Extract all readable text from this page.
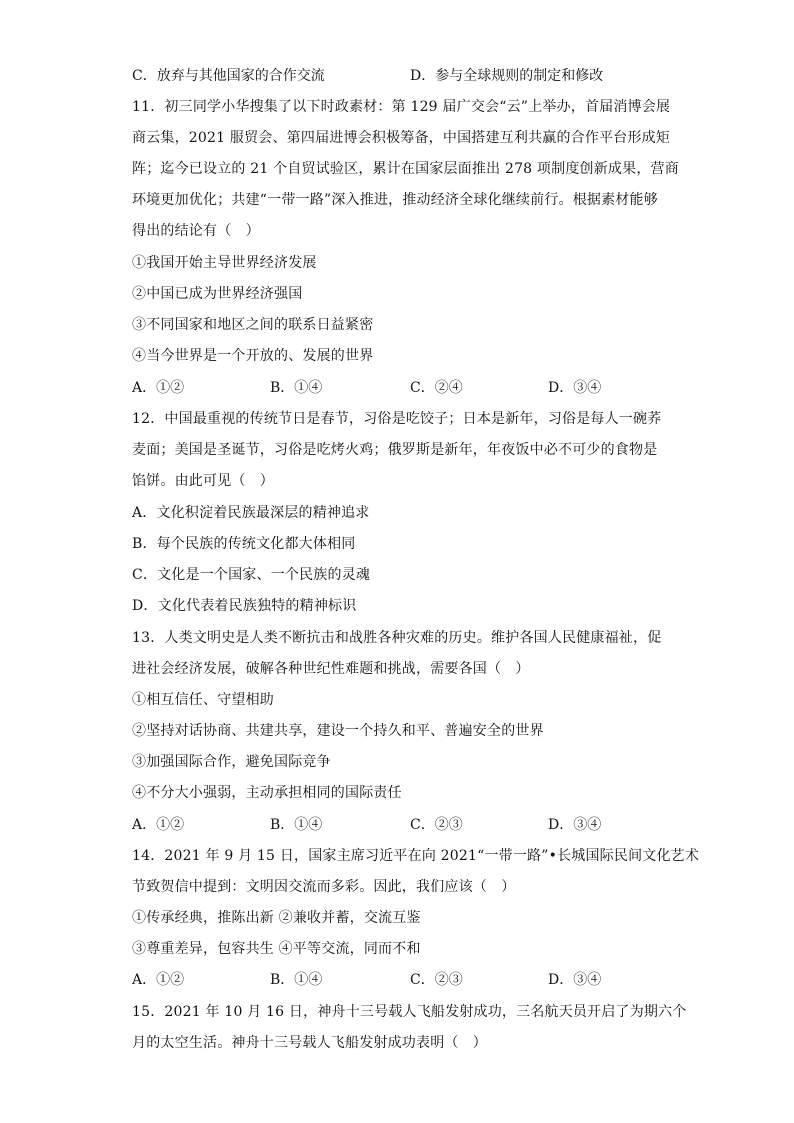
C．放弃与其他国家的合作交流	D．参与全球规则的制定和修改
11．初三同学小华搜集了以下时政素材：第 129 届广交会“云”上举办，首届消博会展
商云集，2021 服贸会、第四届进博会积极筹备，中国搭建互利共赢的合作平台形成矩
阵；迄今已设立的 21 个自贸试验区，累计在国家层面推出 278 项制度创新成果，营商
环境更加优化；共建“一带一路”深入推进，推动经济全球化继续前行。根据素材能够
得出的结论有（　）
①我国开始主导世界经济发展
②中国已成为世界经济强国
③不同国家和地区之间的联系日益紧密
④当今世界是一个开放的、发展的世界
A．①②	B．①④	C．②④	D．③④
12．中国最重视的传统节日是春节，习俗是吃饺子；日本是新年，习俗是每人一碗荞
麦面；美国是圣诞节，习俗是吃烤火鸡；俄罗斯是新年，年夜饭中必不可少的食物是
馅饼。由此可见（　）
A．文化积淀着民族最深层的精神追求
B．每个民族的传统文化都大体相同
C．文化是一个国家、一个民族的灵魂
D．文化代表着民族独特的精神标识
13．人类文明史是人类不断抗击和战胜各种灾难的历史。维护各国人民健康福祉，促
进社会经济发展，破解各种世纪性难题和挑战，需要各国（　）
①相互信任、守望相助
②坚持对话协商、共建共享，建设一个持久和平、普遍安全的世界
③加强国际合作，避免国际竞争
④不分大小强弱，主动承担相同的国际责任
A．①②	B．①④	C．②③	D．③④
14．2021 年 9 月 15 日，国家主席习近平在向 2021“一带一路”•长城国际民间文化艺术
节致贺信中提到：文明因交流而多彩。因此，我们应该（　）
①传承经典，推陈出新 ②兼收并蓄，交流互鉴
③尊重差异，包容共生 ④平等交流，同而不和
A．①②	B．①④	C．②③	D．③④
15．2021 年 10 月 16 日，神舟十三号载人飞船发射成功，三名航天员开启了为期六个
月的太空生活。神舟十三号载人飞船发射成功表明（　）
